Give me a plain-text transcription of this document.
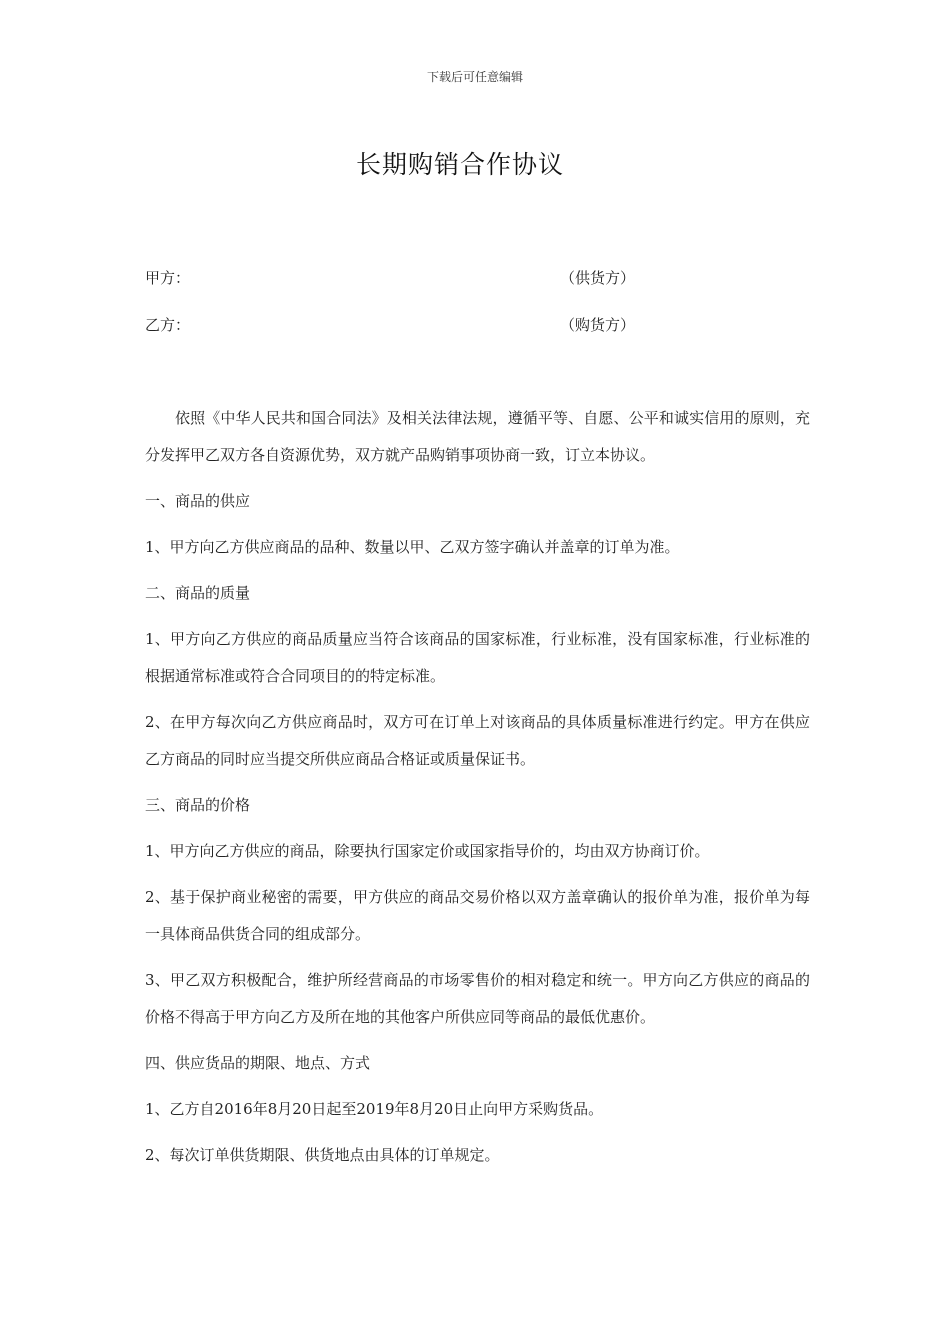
下载后可任意编辑
长期购销合作协议
甲方：	（供货方）
乙方：	（购货方）

依照《中华人民共和国合同法》及相关法律法规，遵循平等、自愿、公平和诚实信用的原则，充分发挥甲乙双方各自资源优势，双方就产品购销事项协商一致，订立本协议。

一、商品的供应

1、甲方向乙方供应商品的品种、数量以甲、乙双方签字确认并盖章的订单为准。

二、商品的质量

1、甲方向乙方供应的商品质量应当符合该商品的国家标准，行业标准，没有国家标准，行业标准的根据通常标准或符合合同项目的的特定标准。

2、在甲方每次向乙方供应商品时，双方可在订单上对该商品的具体质量标准进行约定。甲方在供应乙方商品的同时应当提交所供应商品合格证或质量保证书。

三、商品的价格

1、甲方向乙方供应的商品，除要执行国家定价或国家指导价的，均由双方协商订价。

2、基于保护商业秘密的需要，甲方供应的商品交易价格以双方盖章确认的报价单为准，报价单为每一具体商品供货合同的组成部分。

3、甲乙双方积极配合，维护所经营商品的市场零售价的相对稳定和统一。甲方向乙方供应的商品的价格不得高于甲方向乙方及所在地的其他客户所供应同等商品的最低优惠价。

四、供应货品的期限、地点、方式

1、乙方自2016年8月20日起至2019年8月20日止向甲方采购货品。

2、每次订单供货期限、供货地点由具体的订单规定。
